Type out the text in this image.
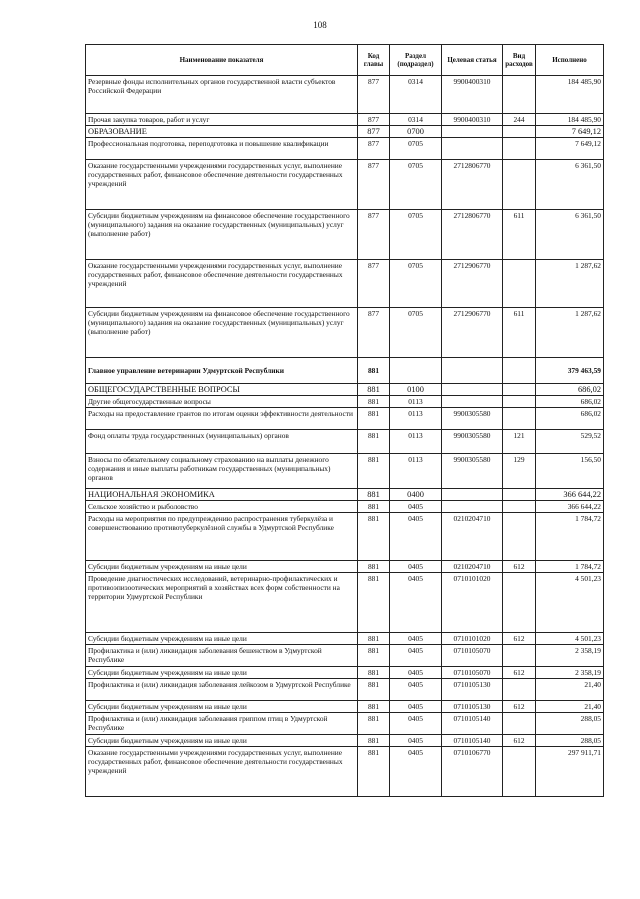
108
Наименование показателя	Код главы	Раздел (подраздел)	Целевая статья	Вид расходов	Исполнено
Резервные фонды исполнительных органов государственной власти субъектов Российской Федерации	877	0314	9900400310		184 485,90
Прочая закупка товаров, работ и услуг	877	0314	9900400310	244	184 485,90
ОБРАЗОВАНИЕ	877	0700			7 649,12
Профессиональная подготовка, переподготовка и повышение квалификации	877	0705			7 649,12
Оказание государственными учреждениями государственных услуг, выполнение государственных работ, финансовое обеспечение деятельности государственных учреждений	877	0705	2712806770		6 361,50
Субсидии бюджетным учреждениям на финансовое обеспечение государственного (муниципального) задания на оказание государственных (муниципальных) услуг (выполнение работ)	877	0705	2712806770	611	6 361,50
Оказание государственными учреждениями государственных услуг, выполнение государственных работ, финансовое обеспечение деятельности государственных учреждений	877	0705	2712906770		1 287,62
Субсидии бюджетным учреждениям на финансовое обеспечение государственного (муниципального) задания на оказание государственных (муниципальных) услуг (выполнение работ)	877	0705	2712906770	611	1 287,62
Главное управление ветеринарии Удмуртской Республики	881				379 463,59
ОБЩЕГОСУДАРСТВЕННЫЕ ВОПРОСЫ	881	0100			686,02
Другие общегосударственные вопросы	881	0113			686,02
Расходы на предоставление грантов по итогам оценки эффективности деятельности	881	0113	9900305580		686,02
Фонд оплаты труда государственных (муниципальных) органов	881	0113	9900305580	121	529,52
Взносы по обязательному социальному страхованию на выплаты денежного содержания и иные выплаты работникам государственных (муниципальных) органов	881	0113	9900305580	129	156,50
НАЦИОНАЛЬНАЯ ЭКОНОМИКА	881	0400			366 644,22
Сельское хозяйство и рыболовство	881	0405			366 644,22
Расходы на мероприятия по предупреждению распространения туберкулёза и совершенствованию противотуберкулёзной службы в Удмуртской Республике	881	0405	0210204710		1 784,72
Субсидии бюджетным учреждениям на иные цели	881	0405	0210204710	612	1 784,72
Проведение диагностических исследований, ветеринарно-профилактических и противоэпизоотических мероприятий в хозяйствах всех форм собственности на территории Удмуртской Республики	881	0405	0710101020		4 501,23
Субсидии бюджетным учреждениям на иные цели	881	0405	0710101020	612	4 501,23
Профилактика и (или) ликвидация заболевания бешенством в Удмуртской Республике	881	0405	0710105070		2 358,19
Субсидии бюджетным учреждениям на иные цели	881	0405	0710105070	612	2 358,19
Профилактика и (или) ликвидация заболевания лейкозом в Удмуртской Республике	881	0405	0710105130		21,40
Субсидии бюджетным учреждениям на иные цели	881	0405	0710105130	612	21,40
Профилактика и (или) ликвидация заболевания гриппом птиц в Удмуртской Республике	881	0405	0710105140		288,05
Субсидии бюджетным учреждениям на иные цели	881	0405	0710105140	612	288,05
Оказание государственными учреждениями государственных услуг, выполнение государственных работ, финансовое обеспечение деятельности государственных учреждений	881	0405	0710106770		297 911,71
